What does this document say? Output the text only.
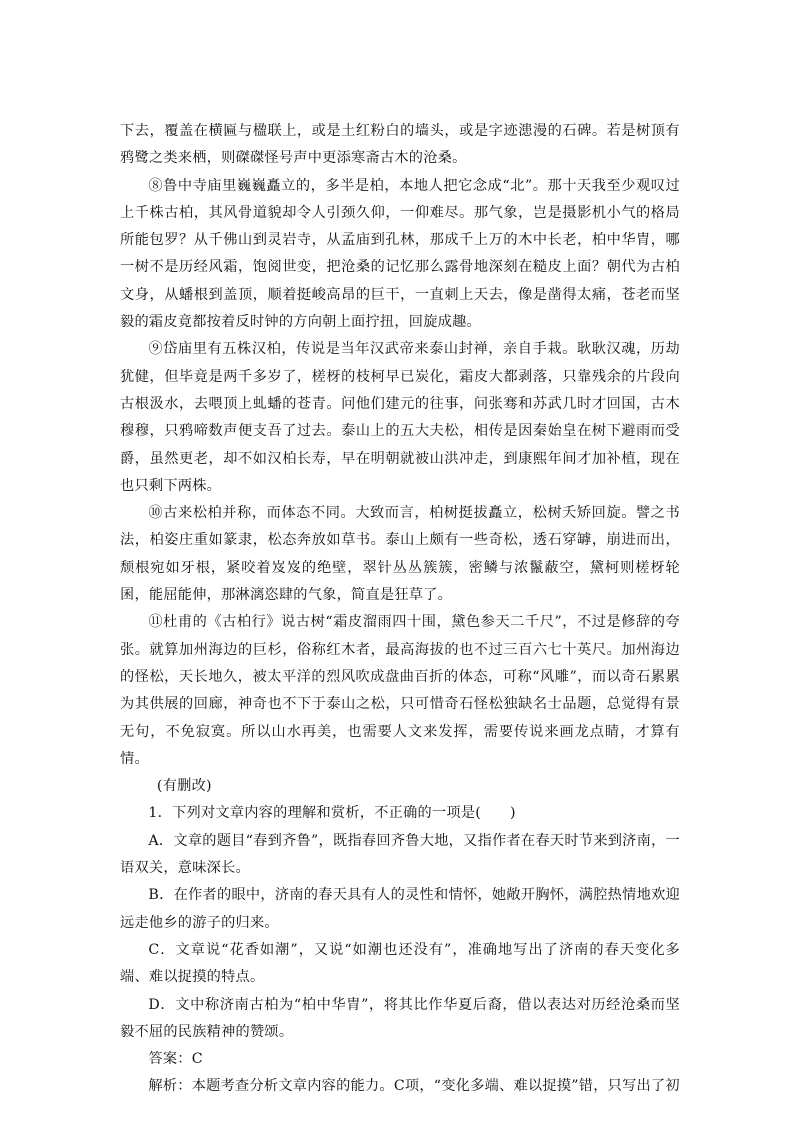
下去，覆盖在横匾与楹联上，或是土红粉白的墙头，或是字迹漶漫的石碑。若是树顶有鸦鹭之类来栖，则磔磔怪号声中更添寒斋古木的沧桑。

⑧鲁中寺庙里巍巍矗立的，多半是柏，本地人把它念成“北”。那十天我至少观叹过上千株古柏，其风骨道貌却令人引颈久仰，一仰难尽。那气象，岂是摄影机小气的格局所能包罗？从千佛山到灵岩寺，从孟庙到孔林，那成千上万的木中长老，柏中华胄，哪一树不是历经风霜，饱阅世变，把沧桑的记忆那么露骨地深刻在糙皮上面？朝代为古柏文身，从蟠根到盖顶，顺着挺峻高昂的巨干，一直刺上天去，像是凿得太痛，苍老而坚毅的霜皮竟都按着反时钟的方向朝上面拧扭，回旋成趣。

⑨岱庙里有五株汉柏，传说是当年汉武帝来泰山封禅，亲自手栽。耿耿汉魂，历劫犹健，但毕竟是两千多岁了，槎枒的枝柯早已炭化，霜皮大都剥落，只靠残余的片段向古根汲水，去喂顶上虬蟠的苍青。问他们建元的往事，问张骞和苏武几时才回国，古木穆穆，只鸦啼数声便支吾了过去。泰山上的五大夫松，相传是因秦始皇在树下避雨而受爵，虽然更老，却不如汉柏长寿，早在明朝就被山洪冲走，到康熙年间才加补植，现在也只剩下两株。

⑩古来松柏并称，而体态不同。大致而言，柏树挺拔矗立，松树夭矫回旋。譬之书法，柏姿庄重如篆隶，松态奔放如草书。泰山上颇有一些奇松，透石穿罅，崩进而出，颓根宛如牙根，紧咬着岌岌的绝壁，翠针丛丛簇簇，密鳞与浓鬣蔽空，黛柯则槎枒轮囷，能屈能伸，那淋漓恣肆的气象，简直是狂草了。

⑪杜甫的《古柏行》说古树“霜皮溜雨四十围，黛色参天二千尺”，不过是修辞的夸张。就算加州海边的巨杉，俗称红木者，最高海拔的也不过三百六七十英尺。加州海边的怪松，天长地久，被太平洋的烈风吹成盘曲百折的体态，可称“风雕”，而以奇石累累为其供展的回廊，神奇也不下于泰山之松，只可惜奇石怪松独缺名士品题，总觉得有景无句，不免寂寞。所以山水再美，也需要人文来发挥，需要传说来画龙点睛，才算有情。

(有删改)

1．下列对文章内容的理解和赏析，不正确的一项是(　　)

A．文章的题目“春到齐鲁”，既指春回齐鲁大地，又指作者在春天时节来到济南，一语双关，意味深长。

B．在作者的眼中，济南的春天具有人的灵性和情怀，她敞开胸怀，满腔热情地欢迎远走他乡的游子的归来。

C．文章说“花香如潮”，又说“如潮也还没有”，准确地写出了济南的春天变化多端、难以捉摸的特点。

D．文中称济南古柏为“柏中华胄”，将其比作华夏后裔，借以表达对历经沧桑而坚毅不屈的民族精神的赞颂。

答案：C

解析：本题考查分析文章内容的能力。C项，“变化多端、难以捉摸”错，只写出了初
